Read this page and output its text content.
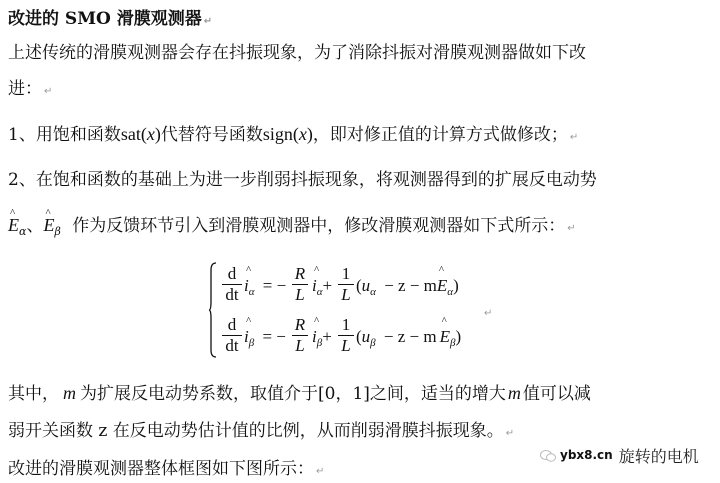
改进的 SMO 滑膜观测器 ↵
上述传统的滑膜观测器会存在抖振现象，为了消除抖振对滑膜观测器做如下改
进： ↵
1、用饱和函数sat(x)代替符号函数sign(x)，即对修正值的计算方式做修改； ↵
2、在饱和函数的基础上为进一步削弱抖振现象，将观测器得到的扩展反电动势
^ $E_\alpha$、^ $E_\beta$ 作为反馈环节引入到滑膜观测器中，修改滑膜观测器如下式所示： ↵
d
dt
^ $i_\alpha$ = −
R
L
^ $i_\alpha+$
1
L ($u_\alpha - z$ − m^ $E_\alpha$)
d
dt
^ $i_\beta$ = −
R
L
^ $i_\beta+$
1
L ($u_\beta - z$ − m^ $E_\beta$)
↵
其中， m 为扩展反电动势系数，取值介于[0，1]之间，适当的增大 m 值可以减
弱开关函数 z 在反电动势估计值的比例，从而削弱滑膜抖振现象。 ↵
改进的滑膜观测器整体框图如下图所示： ↵
ybx8.cn 旋转的电机
